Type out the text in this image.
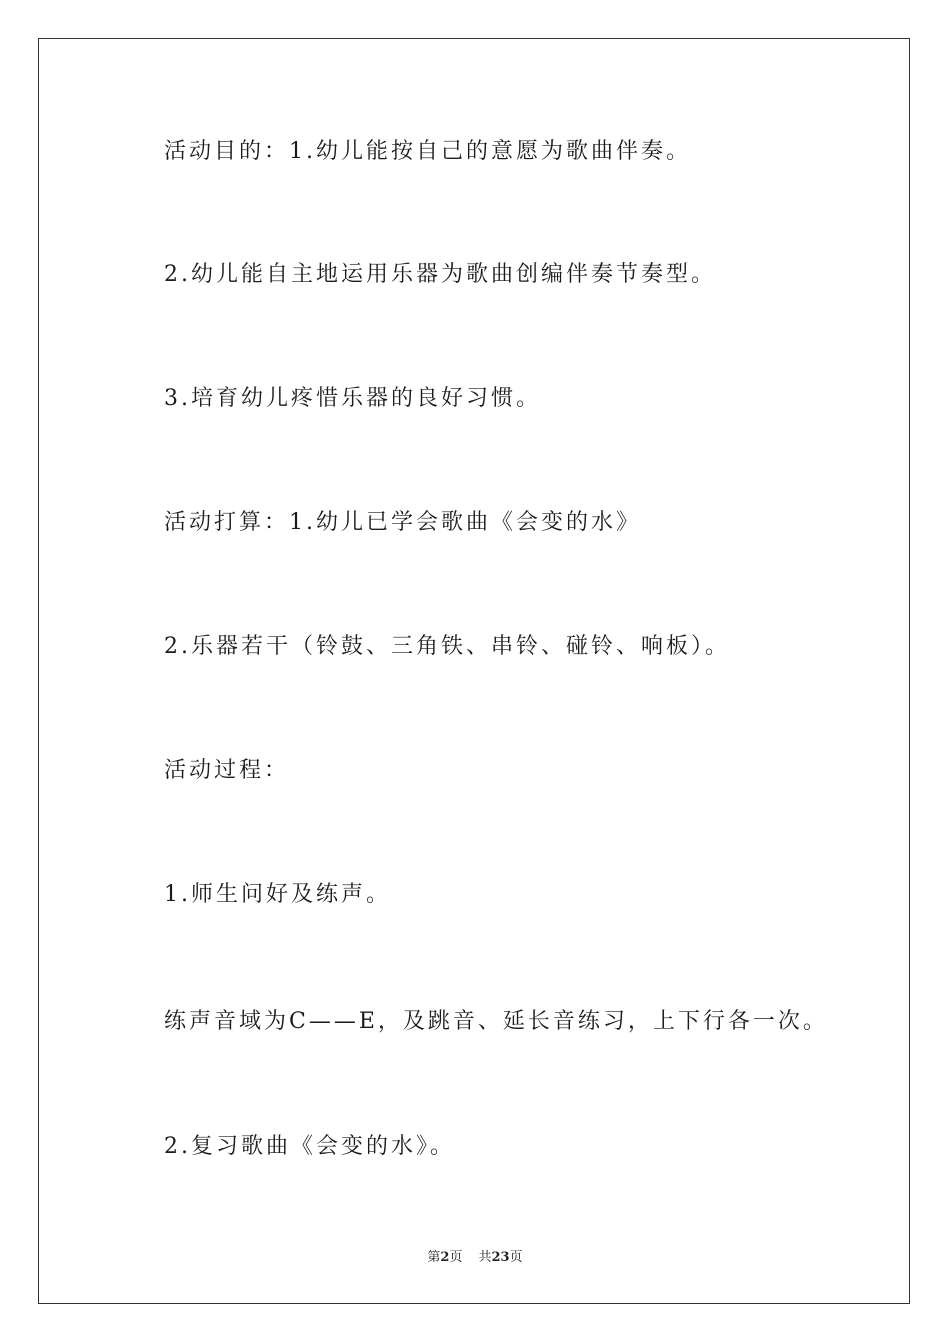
活动目的：1.幼儿能按自己的意愿为歌曲伴奏。
2.幼儿能自主地运用乐器为歌曲创编伴奏节奏型。
3.培育幼儿疼惜乐器的良好习惯。
活动打算：1.幼儿已学会歌曲《会变的水》
2.乐器若干（铃鼓、三角铁、串铃、碰铃、响板）。
活动过程：
1.师生问好及练声。
练声音域为C——E，及跳音、延长音练习，上下行各一次。
2.复习歌曲《会变的水》。
第2页 共23页
